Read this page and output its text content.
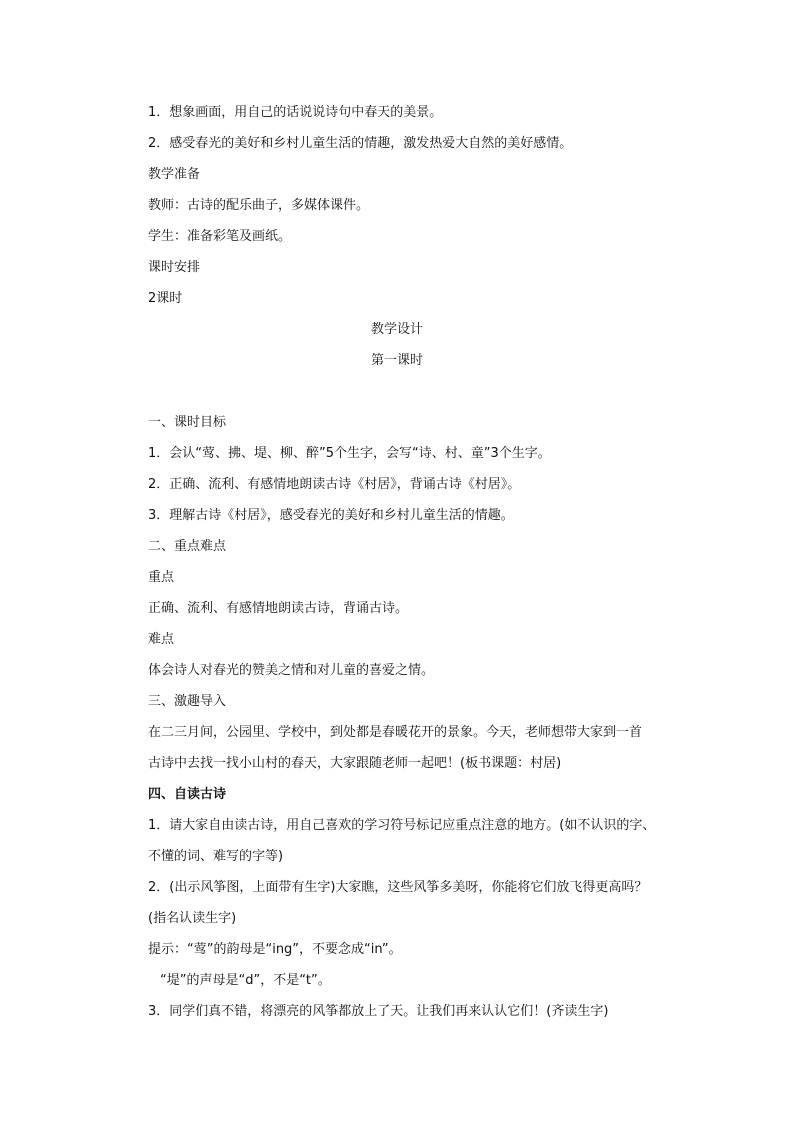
1．想象画面，用自己的话说说诗句中春天的美景。
2．感受春光的美好和乡村儿童生活的情趣，激发热爱大自然的美好感情。
教学准备
教师：古诗的配乐曲子，多媒体课件。
学生：准备彩笔及画纸。
课时安排
2课时
教学设计
第一课时
一、课时目标
1．会认“莺、拂、堤、柳、醉”5个生字，会写“诗、村、童”3个生字。
2．正确、流利、有感情地朗读古诗《村居》，背诵古诗《村居》。
3．理解古诗《村居》，感受春光的美好和乡村儿童生活的情趣。
二、重点难点
重点
正确、流利、有感情地朗读古诗，背诵古诗。
难点
体会诗人对春光的赞美之情和对儿童的喜爱之情。
三、激趣导入
在二三月间，公园里、学校中，到处都是春暖花开的景象。今天，老师想带大家到一首
古诗中去找一找小山村的春天，大家跟随老师一起吧！(板书课题：村居)
四、自读古诗
1．请大家自由读古诗，用自己喜欢的学习符号标记应重点注意的地方。(如不认识的字、
不懂的词、难写的字等)
2．(出示风筝图，上面带有生字)大家瞧，这些风筝多美呀，你能将它们放飞得更高吗？
(指名认读生字)
提示：“莺”的韵母是“ing”，不要念成“in”。
“堤”的声母是“d”，不是“t”。
3．同学们真不错，将漂亮的风筝都放上了天。让我们再来认认它们！(齐读生字)
